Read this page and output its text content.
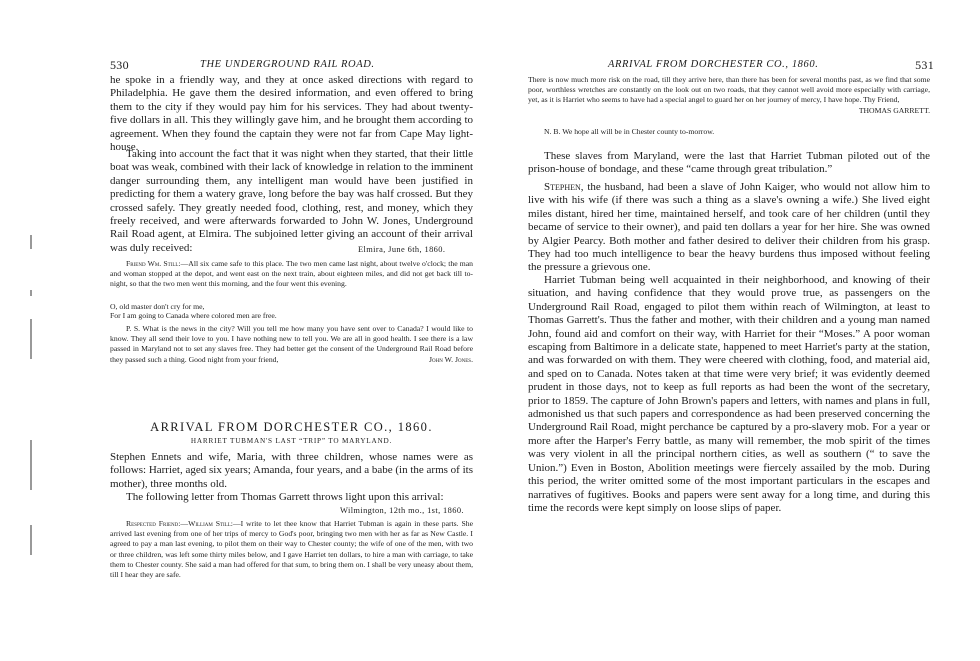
530	THE UNDERGROUND RAIL ROAD.

he spoke in a friendly way, and they at once asked directions with regard to Philadelphia. He gave them the desired information, and even offered to bring them to the city if they would pay him for his services. They had about twenty-five dollars in all. This they willingly gave him, and he brought them according to agreement. When they found the captain they were not far from Cape May light-house.

Taking into account the fact that it was night when they started, that their little boat was weak, combined with their lack of knowledge in relation to the imminent danger surrounding them, any intelligent man would have been justified in predicting for them a watery grave, long before the bay was half crossed. But they crossed safely. They greatly needed food, clothing, rest, and money, which they freely received, and were afterwards forwarded to John W. Jones, Underground Rail Road agent, at Elmira. The subjoined letter giving an account of their arrival was duly received:	Elmira, June 6th, 1860.

Friend Wm. Still:—All six came safe to this place. The two men came last night, about twelve o'clock; the man and woman stopped at the depot, and went east on the next train, about eighteen miles, and did not get back till to-night, so that the two men went this morning, and the four went this evening.

O, old master don't cry for me,
For I am going to Canada where colored men are free.

P. S. What is the news in the city? Will you tell me how many you have sent over to Canada? I would like to know. They all send their love to you. I have nothing new to tell you. We are all in good health. I see there is a law passed in Maryland not to set any slaves free. They had better get the consent of the Underground Rail Road before they passed such a thing. Good night from your friend,	John W. Jones.

ARRIVAL FROM DORCHESTER CO., 1860.
HARRIET TUBMAN'S LAST “TRIP” TO MARYLAND.

Stephen Ennets and wife, Maria, with three children, whose names were as follows: Harriet, aged six years; Amanda, four years, and a babe (in the arms of its mother), three months old.

The following letter from Thomas Garrett throws light upon this arrival:

Wilmington, 12th mo., 1st, 1860.

Respected Friend:—William Still:—I write to let thee know that Harriet Tubman is again in these parts. She arrived last evening from one of her trips of mercy to God's poor, bringing two men with her as far as New Castle. I agreed to pay a man last evening, to pilot them on their way to Chester county; the wife of one of the men, with two or three children, was left some thirty miles below, and I gave Harriet ten dollars, to hire a man with carriage, to take them to Chester county. She said a man had offered for that sum, to bring them on. I shall be very uneasy about them, till I hear they are safe.

ARRIVAL FROM DORCHESTER CO., 1860.	531

There is now much more risk on the road, till they arrive here, than there has been for several months past, as we find that some poor, worthless wretches are constantly on the look out on two roads, that they cannot well avoid more especially with carriage, yet, as it is Harriet who seems to have had a special angel to guard her on her journey of mercy, I have hope. Thy Friend,
THOMAS GARRETT.

N. B. We hope all will be in Chester county to-morrow.

These slaves from Maryland, were the last that Harriet Tubman piloted out of the prison-house of bondage, and these “came through great tribulation.”

Stephen, the husband, had been a slave of John Kaiger, who would not allow him to live with his wife (if there was such a thing as a slave's owning a wife.) She lived eight miles distant, hired her time, maintained herself, and took care of her children (until they became of service to their owner), and paid ten dollars a year for her hire. She was owned by Algier Pearcy. Both mother and father desired to deliver their children from his grasp. They had too much intelligence to bear the heavy burdens thus imposed without feeling the pressure a grievous one.

Harriet Tubman being well acquainted in their neighborhood, and knowing of their situation, and having confidence that they would prove true, as passengers on the Underground Rail Road, engaged to pilot them within reach of Wilmington, at least to Thomas Garrett's. Thus the father and mother, with their children and a young man named John, found aid and comfort on their way, with Harriet for their “Moses.” A poor woman escaping from Baltimore in a delicate state, happened to meet Harriet's party at the station, and was forwarded on with them. They were cheered with clothing, food, and material aid, and sped on to Canada. Notes taken at that time were very brief; it was evidently deemed prudent in those days, not to keep as full reports as had been the wont of the secretary, prior to 1859. The capture of John Brown's papers and letters, with names and plans in full, admonished us that such papers and correspondence as had been preserved concerning the Underground Rail Road, might perchance be captured by a pro-slavery mob. For a year or more after the Harper's Ferry battle, as many will remember, the mob spirit of the times was very violent in all the principal northern cities, as well as southern (“ to save the Union.”) Even in Boston, Abolition meetings were fiercely assailed by the mob. During this period, the writer omitted some of the most important particulars in the escapes and narratives of fugitives. Books and papers were sent away for a long time, and during this time the records were kept simply on loose slips of paper.
